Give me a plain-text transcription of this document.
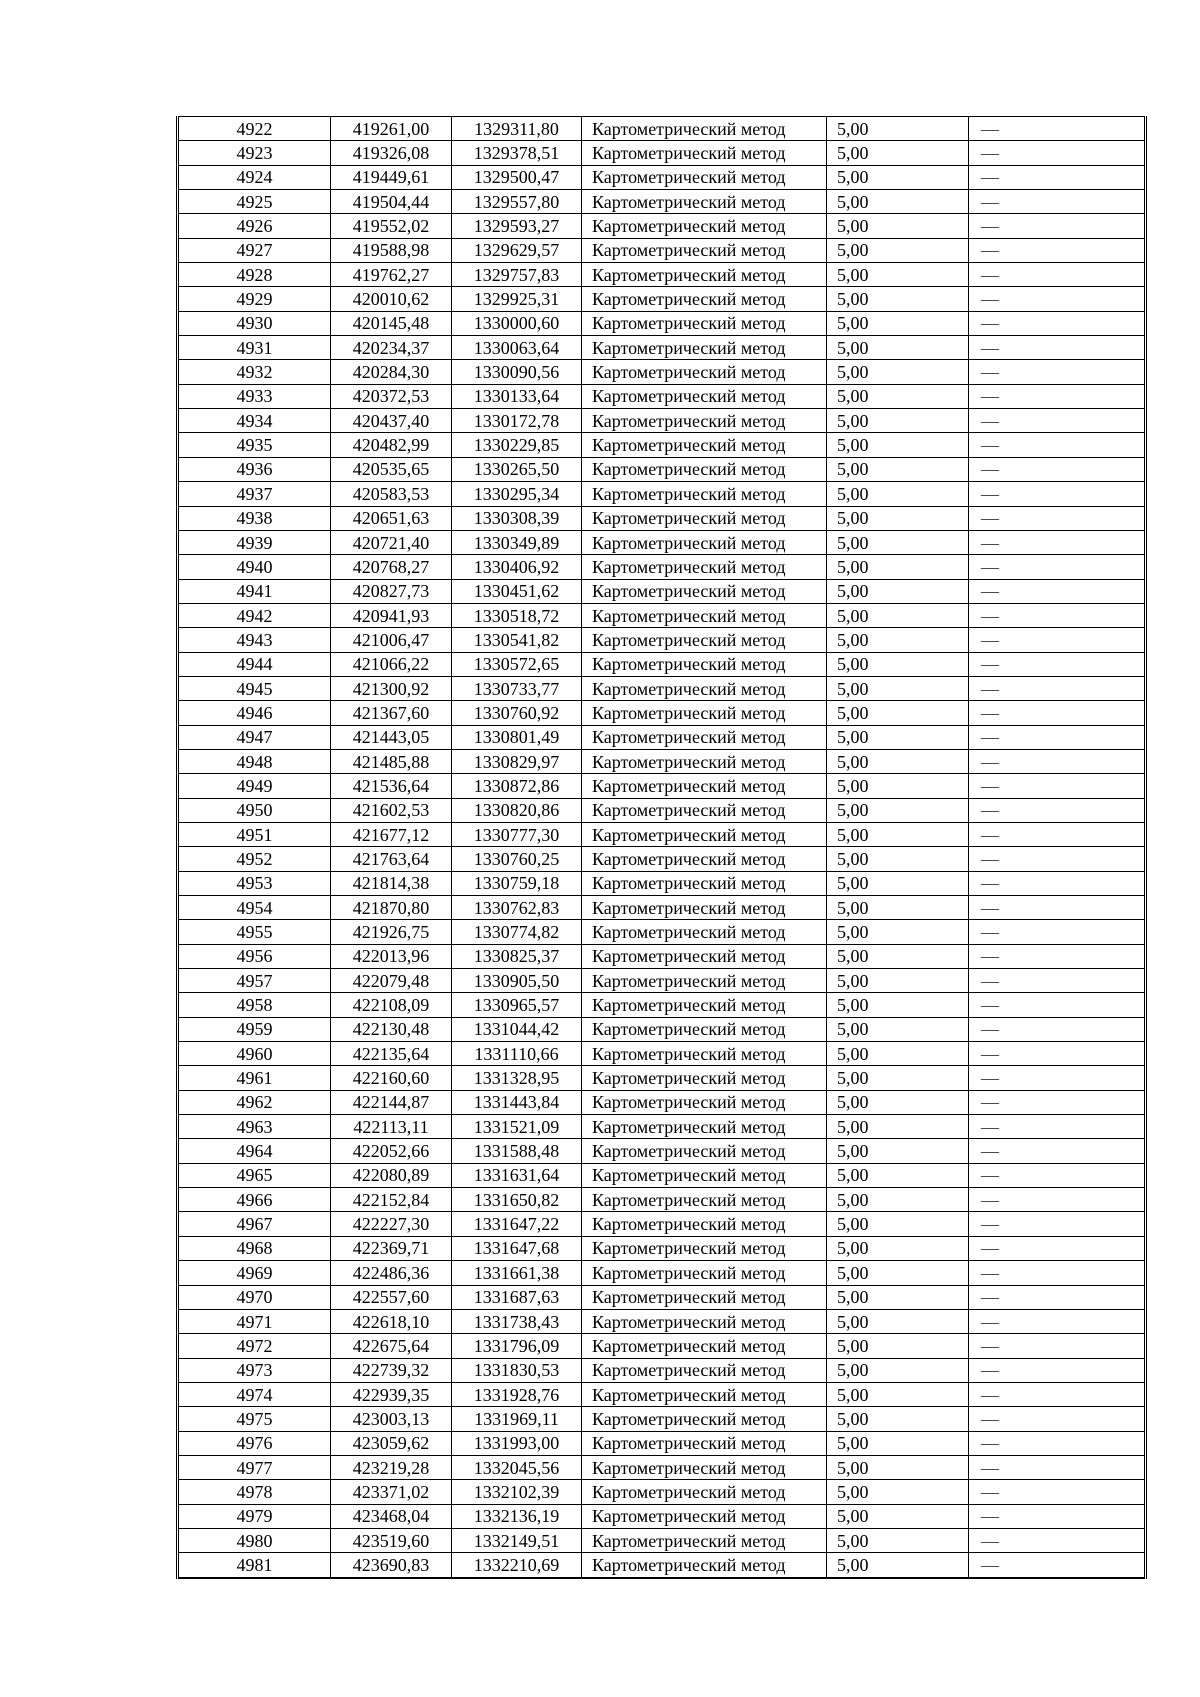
4922	419261,00	1329311,80	Картометрический метод	5,00	—
4923	419326,08	1329378,51	Картометрический метод	5,00	—
4924	419449,61	1329500,47	Картометрический метод	5,00	—
4925	419504,44	1329557,80	Картометрический метод	5,00	—
4926	419552,02	1329593,27	Картометрический метод	5,00	—
4927	419588,98	1329629,57	Картометрический метод	5,00	—
4928	419762,27	1329757,83	Картометрический метод	5,00	—
4929	420010,62	1329925,31	Картометрический метод	5,00	—
4930	420145,48	1330000,60	Картометрический метод	5,00	—
4931	420234,37	1330063,64	Картометрический метод	5,00	—
4932	420284,30	1330090,56	Картометрический метод	5,00	—
4933	420372,53	1330133,64	Картометрический метод	5,00	—
4934	420437,40	1330172,78	Картометрический метод	5,00	—
4935	420482,99	1330229,85	Картометрический метод	5,00	—
4936	420535,65	1330265,50	Картометрический метод	5,00	—
4937	420583,53	1330295,34	Картометрический метод	5,00	—
4938	420651,63	1330308,39	Картометрический метод	5,00	—
4939	420721,40	1330349,89	Картометрический метод	5,00	—
4940	420768,27	1330406,92	Картометрический метод	5,00	—
4941	420827,73	1330451,62	Картометрический метод	5,00	—
4942	420941,93	1330518,72	Картометрический метод	5,00	—
4943	421006,47	1330541,82	Картометрический метод	5,00	—
4944	421066,22	1330572,65	Картометрический метод	5,00	—
4945	421300,92	1330733,77	Картометрический метод	5,00	—
4946	421367,60	1330760,92	Картометрический метод	5,00	—
4947	421443,05	1330801,49	Картометрический метод	5,00	—
4948	421485,88	1330829,97	Картометрический метод	5,00	—
4949	421536,64	1330872,86	Картометрический метод	5,00	—
4950	421602,53	1330820,86	Картометрический метод	5,00	—
4951	421677,12	1330777,30	Картометрический метод	5,00	—
4952	421763,64	1330760,25	Картометрический метод	5,00	—
4953	421814,38	1330759,18	Картометрический метод	5,00	—
4954	421870,80	1330762,83	Картометрический метод	5,00	—
4955	421926,75	1330774,82	Картометрический метод	5,00	—
4956	422013,96	1330825,37	Картометрический метод	5,00	—
4957	422079,48	1330905,50	Картометрический метод	5,00	—
4958	422108,09	1330965,57	Картометрический метод	5,00	—
4959	422130,48	1331044,42	Картометрический метод	5,00	—
4960	422135,64	1331110,66	Картометрический метод	5,00	—
4961	422160,60	1331328,95	Картометрический метод	5,00	—
4962	422144,87	1331443,84	Картометрический метод	5,00	—
4963	422113,11	1331521,09	Картометрический метод	5,00	—
4964	422052,66	1331588,48	Картометрический метод	5,00	—
4965	422080,89	1331631,64	Картометрический метод	5,00	—
4966	422152,84	1331650,82	Картометрический метод	5,00	—
4967	422227,30	1331647,22	Картометрический метод	5,00	—
4968	422369,71	1331647,68	Картометрический метод	5,00	—
4969	422486,36	1331661,38	Картометрический метод	5,00	—
4970	422557,60	1331687,63	Картометрический метод	5,00	—
4971	422618,10	1331738,43	Картометрический метод	5,00	—
4972	422675,64	1331796,09	Картометрический метод	5,00	—
4973	422739,32	1331830,53	Картометрический метод	5,00	—
4974	422939,35	1331928,76	Картометрический метод	5,00	—
4975	423003,13	1331969,11	Картометрический метод	5,00	—
4976	423059,62	1331993,00	Картометрический метод	5,00	—
4977	423219,28	1332045,56	Картометрический метод	5,00	—
4978	423371,02	1332102,39	Картометрический метод	5,00	—
4979	423468,04	1332136,19	Картометрический метод	5,00	—
4980	423519,60	1332149,51	Картометрический метод	5,00	—
4981	423690,83	1332210,69	Картометрический метод	5,00	—
